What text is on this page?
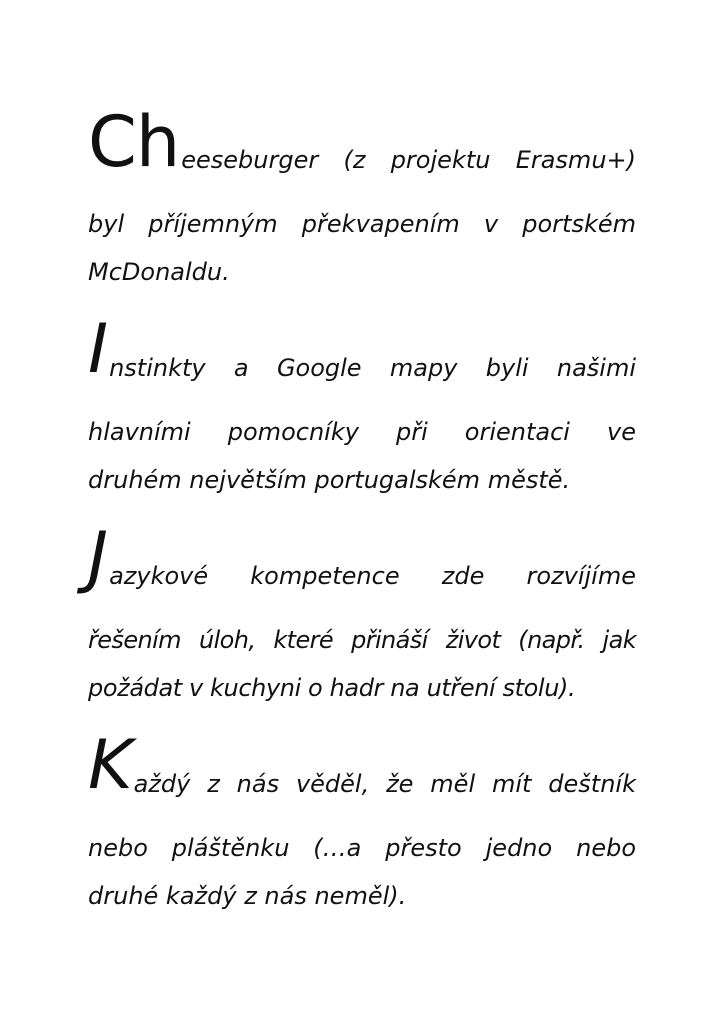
Ch eeseburger (z projektu Erasmu+)
byl příjemným překvapením v portském
McDonaldu.
I nstinkty a Google mapy byli našimi
hlavními pomocníky při orientaci ve
druhém největším portugalském městě.
J azykové kompetence zde rozvíjíme
řešením úloh, které přináší život (např. jak
požádat v kuchyni o hadr na utření stolu).
K aždý z nás věděl, že měl mít deštník
nebo pláštěnku (…a přesto jedno nebo
druhé každý z nás neměl).
